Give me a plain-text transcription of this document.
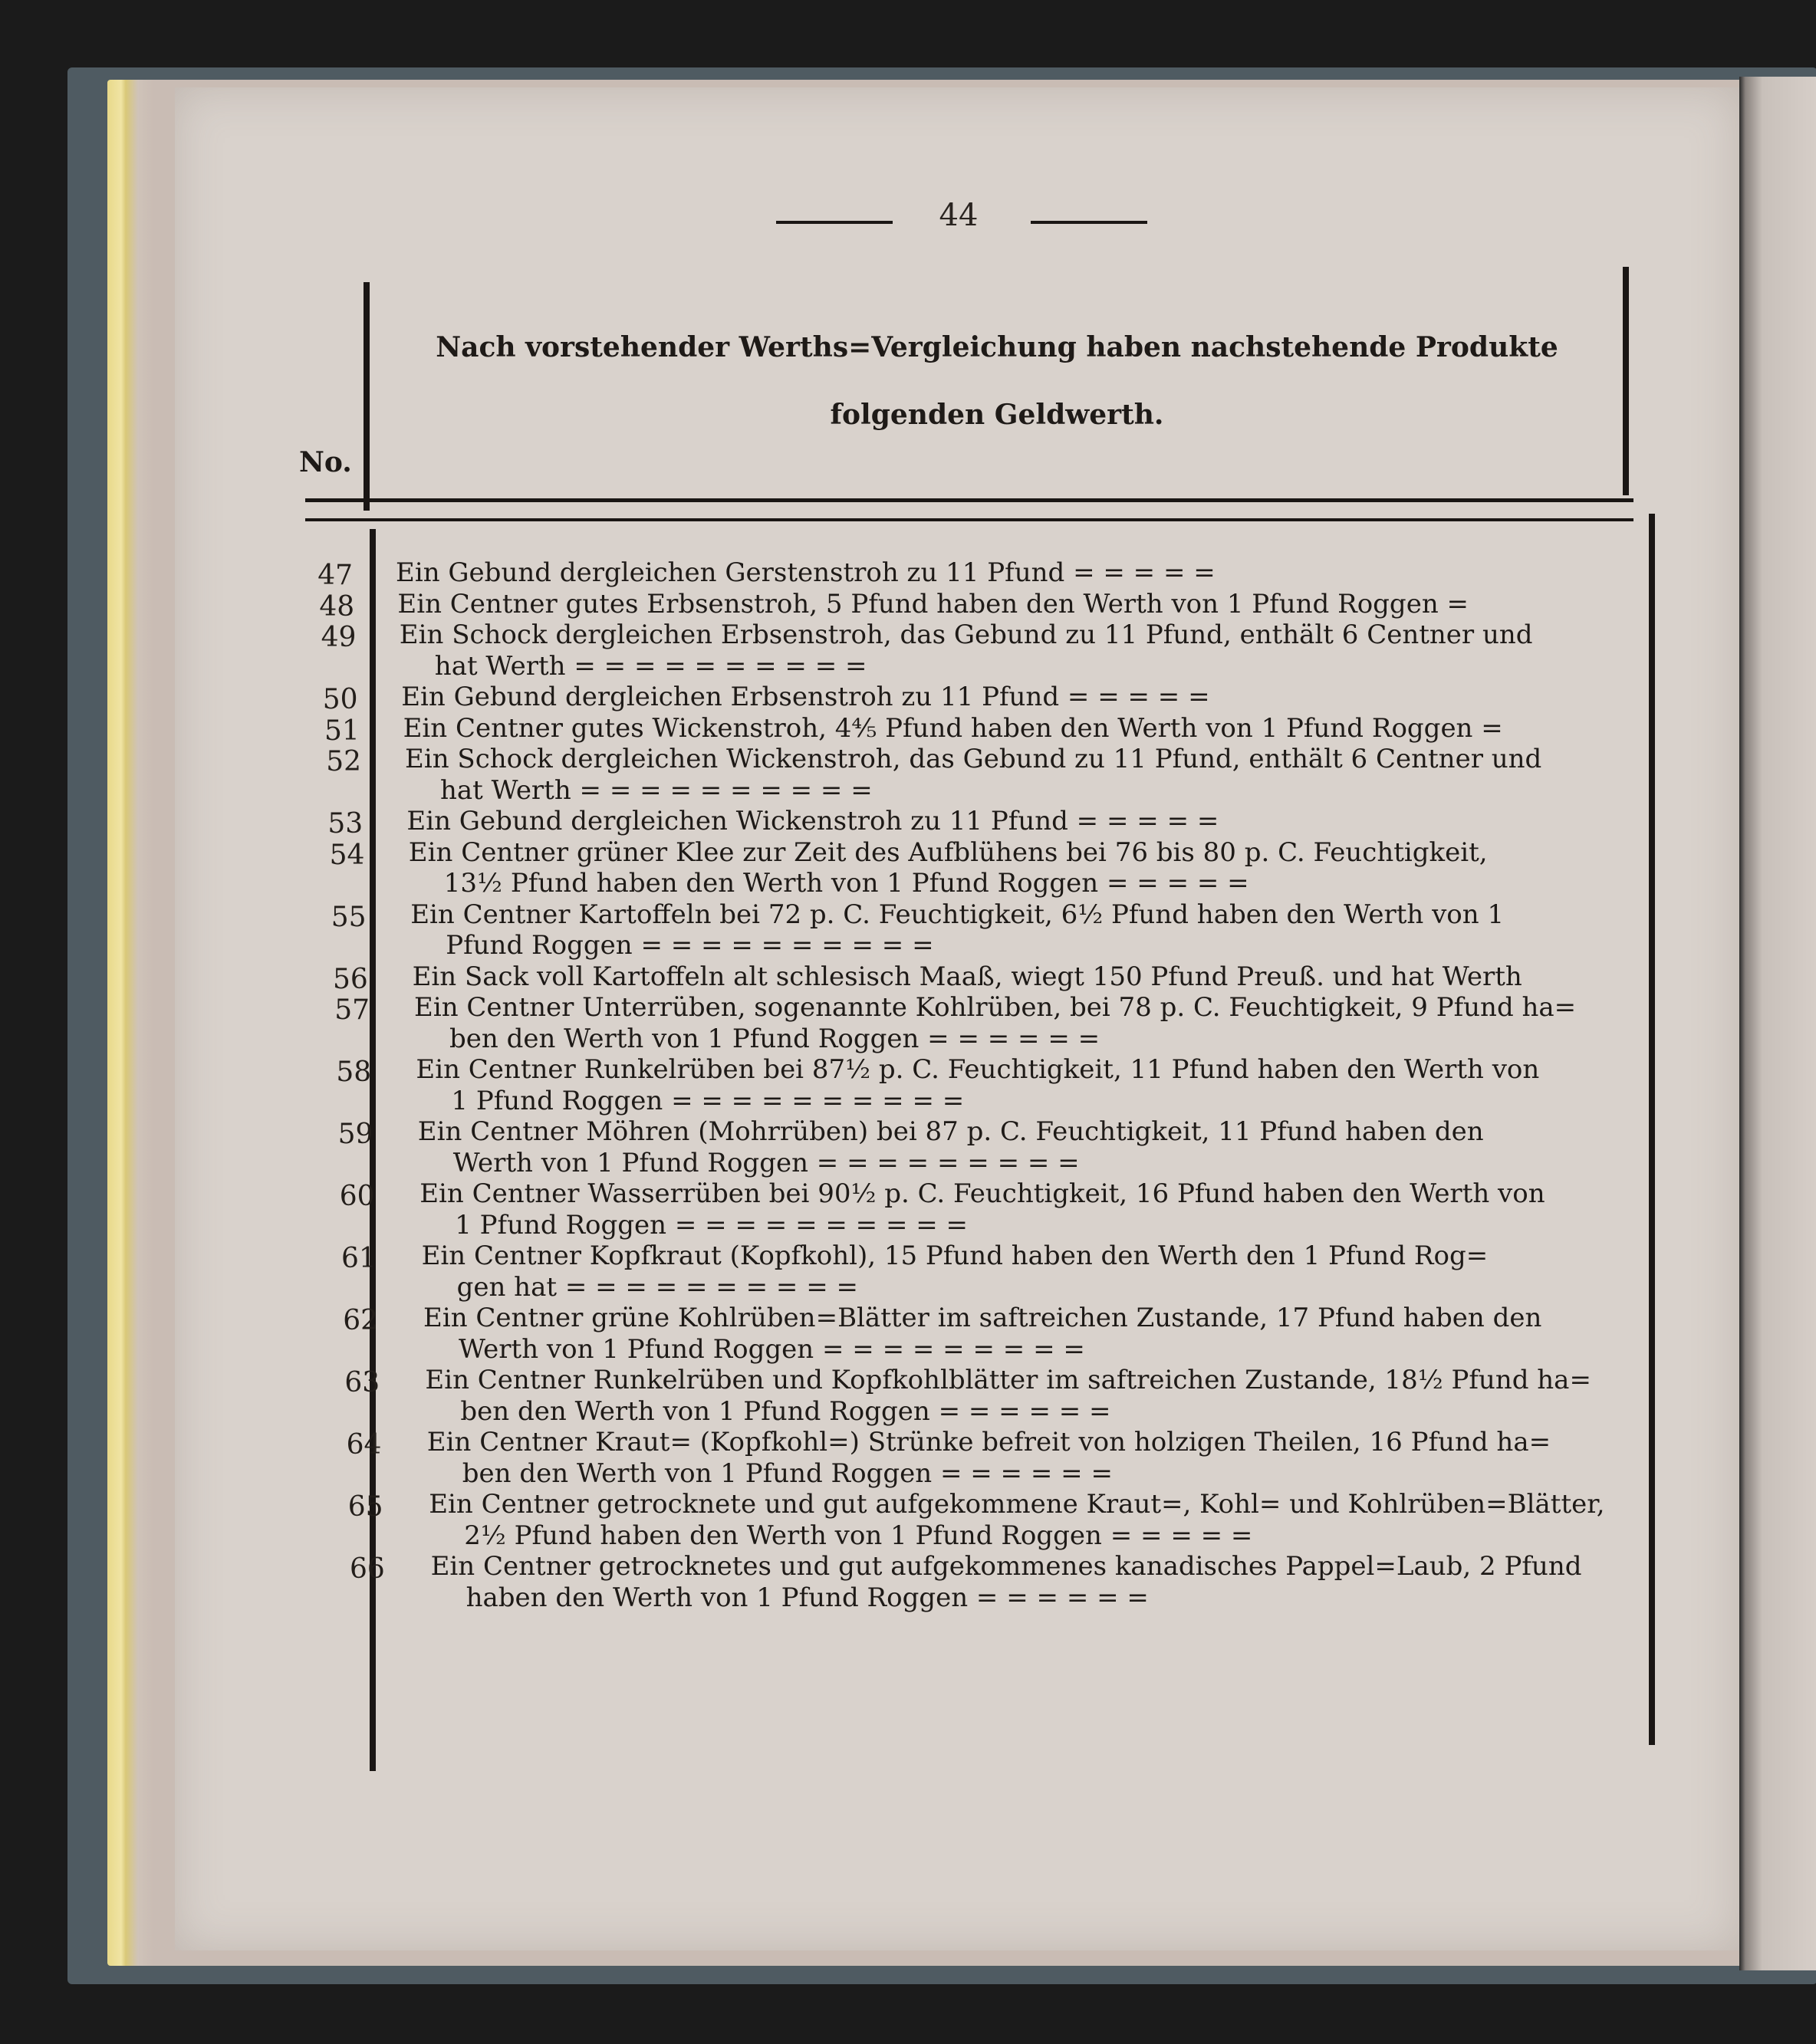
44
Nach vorstehender Werths=Vergleichung haben nachstehende Produkte
folgenden Geldwerth.
No.
47 Ein Gebund dergleichen Gerstenstroh zu 11 Pfund = = = = =
48 Ein Centner gutes Erbsenstroh, 5 Pfund haben den Werth von 1 Pfund Roggen =
49 Ein Schock dergleichen Erbsenstroh, das Gebund zu 11 Pfund, enthält 6 Centner und
hat Werth = = = = = = = = = =
50 Ein Gebund dergleichen Erbsenstroh zu 11 Pfund = = = = =
51 Ein Centner gutes Wickenstroh, 4⅘ Pfund haben den Werth von 1 Pfund Roggen =
52 Ein Schock dergleichen Wickenstroh, das Gebund zu 11 Pfund, enthält 6 Centner und
hat Werth = = = = = = = = = =
53 Ein Gebund dergleichen Wickenstroh zu 11 Pfund = = = = =
54 Ein Centner grüner Klee zur Zeit des Aufblühens bei 76 bis 80 p. C. Feuchtigkeit,
13½ Pfund haben den Werth von 1 Pfund Roggen = = = = =
55 Ein Centner Kartoffeln bei 72 p. C. Feuchtigkeit, 6½ Pfund haben den Werth von 1
Pfund Roggen = = = = = = = = = =
56 Ein Sack voll Kartoffeln alt schlesisch Maaß, wiegt 150 Pfund Preuß. und hat Werth
57 Ein Centner Unterrüben, sogenannte Kohlrüben, bei 78 p. C. Feuchtigkeit, 9 Pfund ha=
ben den Werth von 1 Pfund Roggen = = = = = =
58 Ein Centner Runkelrüben bei 87½ p. C. Feuchtigkeit, 11 Pfund haben den Werth von
1 Pfund Roggen = = = = = = = = = =
59 Ein Centner Möhren (Mohrrüben) bei 87 p. C. Feuchtigkeit, 11 Pfund haben den
Werth von 1 Pfund Roggen = = = = = = = = =
60 Ein Centner Wasserrüben bei 90½ p. C. Feuchtigkeit, 16 Pfund haben den Werth von
1 Pfund Roggen = = = = = = = = = =
61 Ein Centner Kopfkraut (Kopfkohl), 15 Pfund haben den Werth den 1 Pfund Rog=
gen hat = = = = = = = = = =
62 Ein Centner grüne Kohlrüben=Blätter im saftreichen Zustande, 17 Pfund haben den
Werth von 1 Pfund Roggen = = = = = = = = =
63 Ein Centner Runkelrüben und Kopfkohlblätter im saftreichen Zustande, 18½ Pfund ha=
ben den Werth von 1 Pfund Roggen = = = = = =
64 Ein Centner Kraut= (Kopfkohl=) Strünke befreit von holzigen Theilen, 16 Pfund ha=
ben den Werth von 1 Pfund Roggen = = = = = =
65 Ein Centner getrocknete und gut aufgekommene Kraut=, Kohl= und Kohlrüben=Blätter,
2½ Pfund haben den Werth von 1 Pfund Roggen = = = = =
66 Ein Centner getrocknetes und gut aufgekommenes kanadisches Pappel=Laub, 2 Pfund
haben den Werth von 1 Pfund Roggen = = = = = =
